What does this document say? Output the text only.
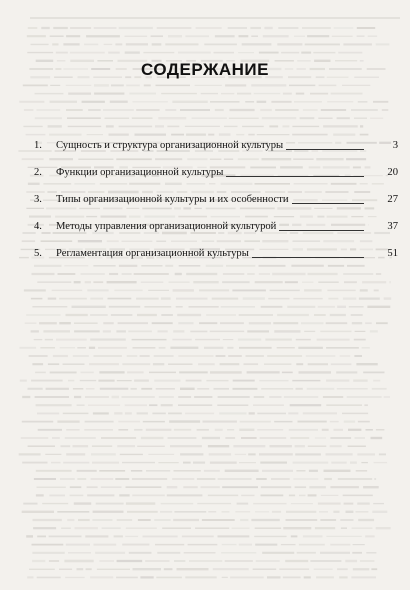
СОДЕРЖАНИЕ
1.	Сущность и структура организационной культуры	3
2.	Функции организационной культуры	20
3.	Типы организационной культуры и их особенности	27
4.	Методы управления организационной культурой	37
5.	Регламентация организационной культуры	51
